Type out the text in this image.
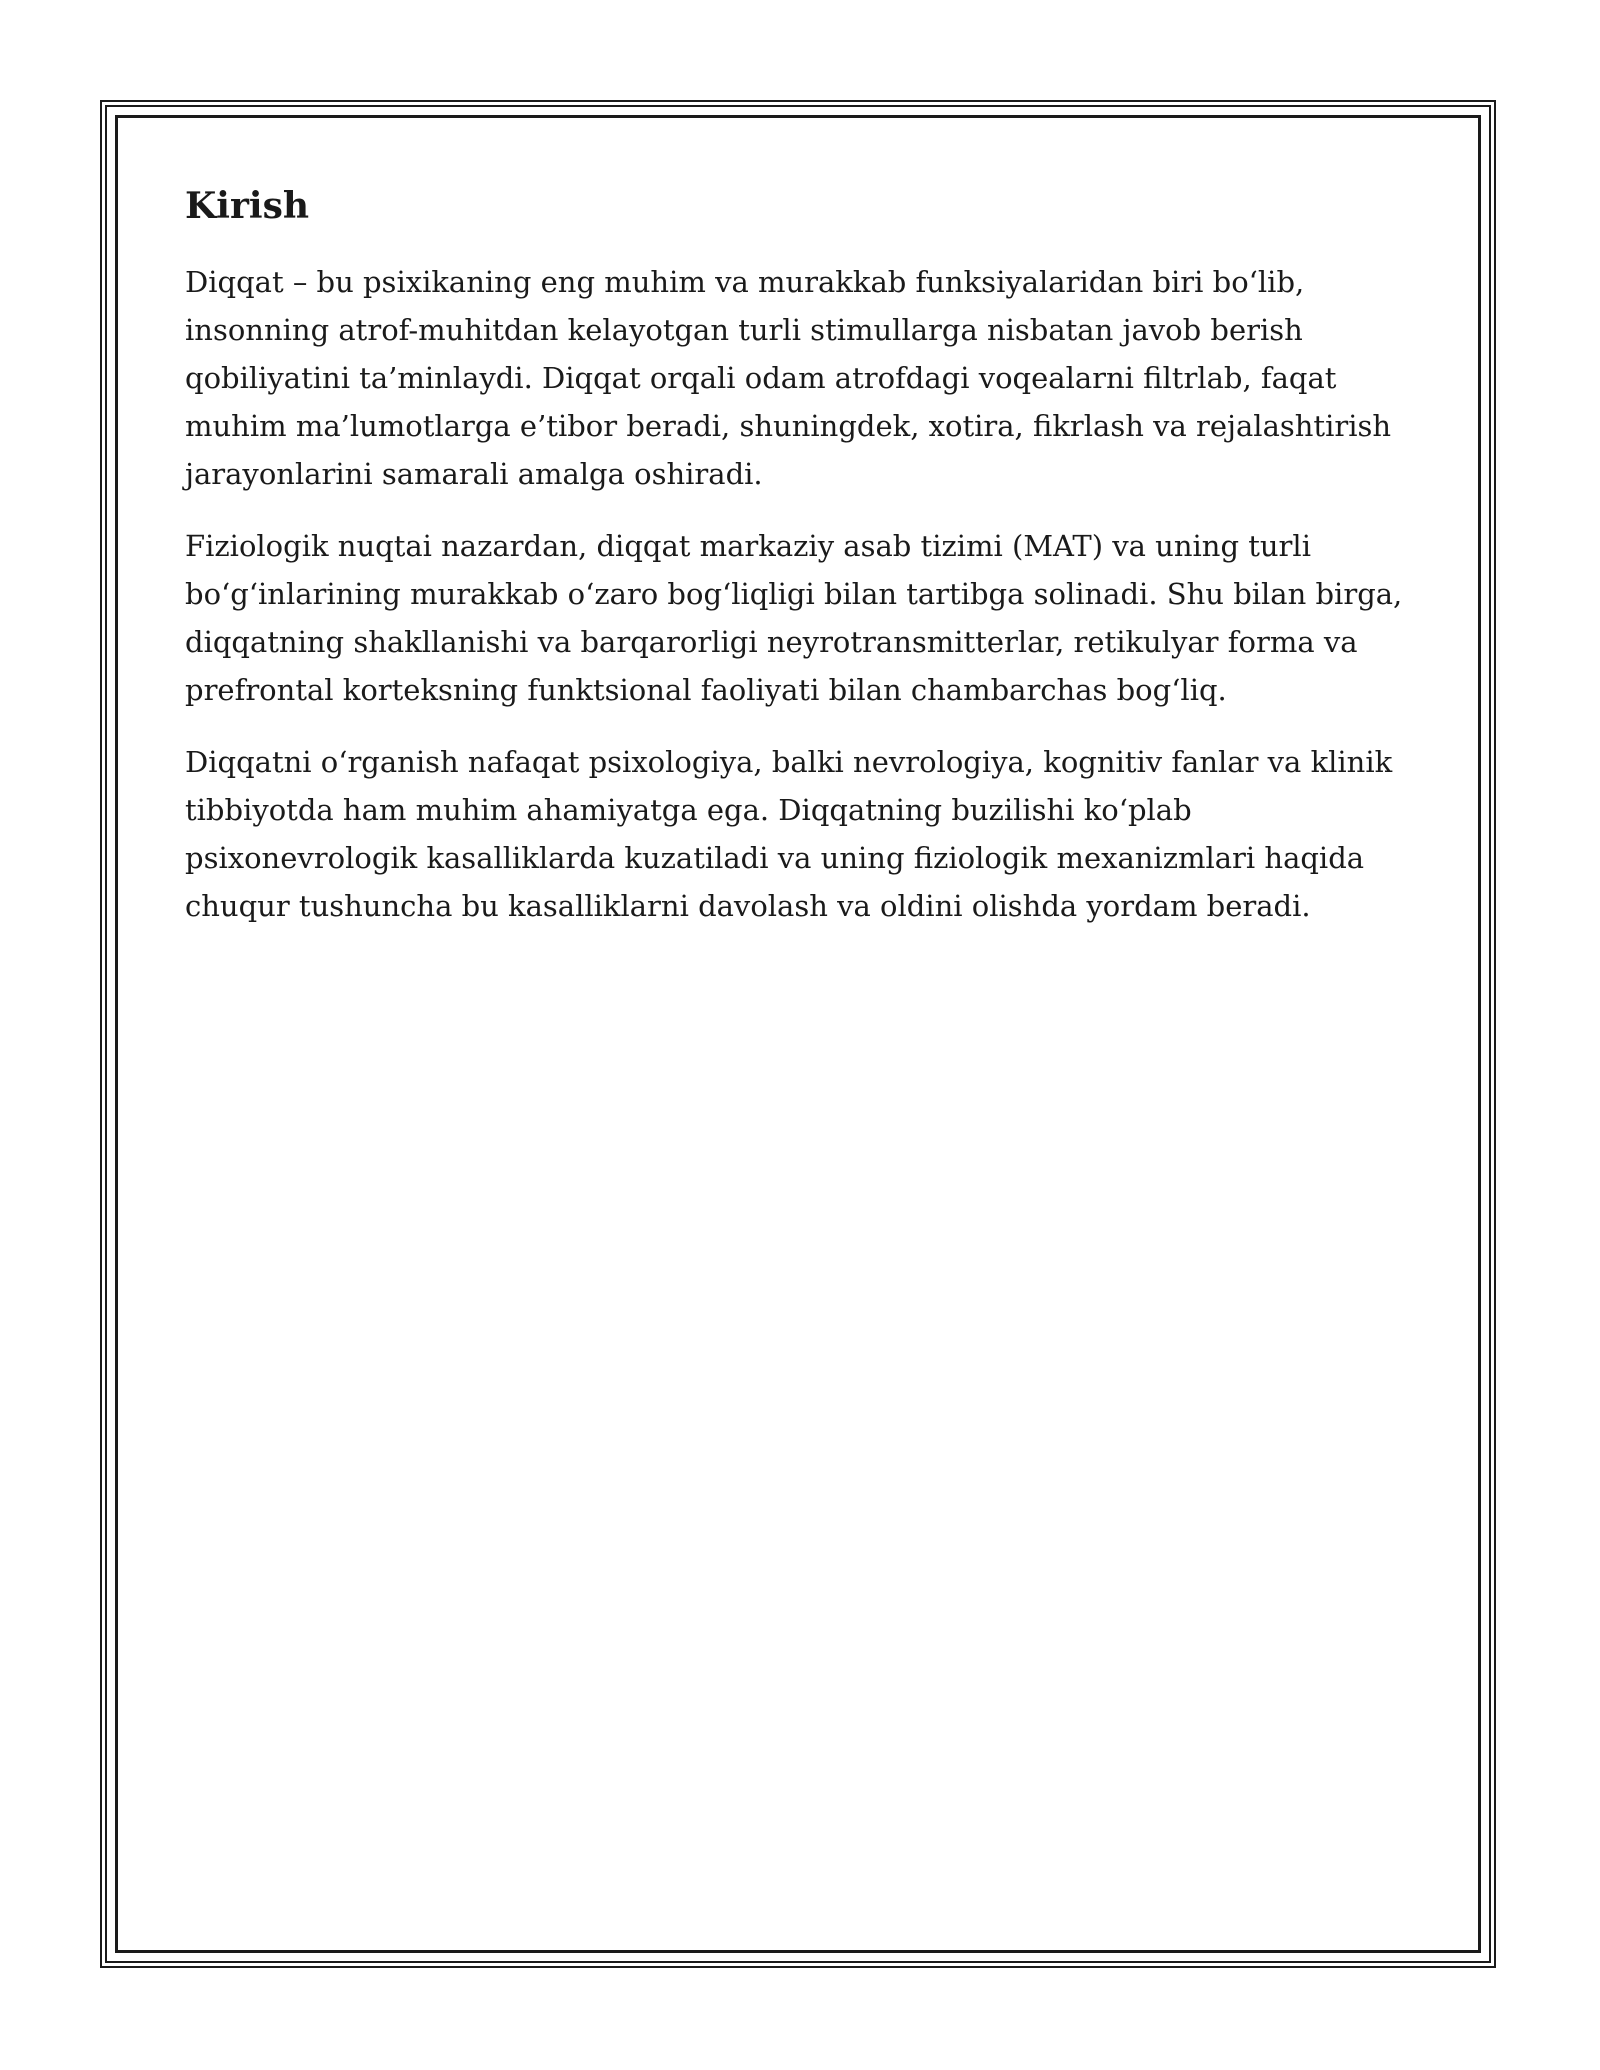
Kirish

Diqqat – bu psixikaning eng muhim va murakkab funksiyalaridan biri bo‘lib,
insonning atrof-muhitdan kelayotgan turli stimullarga nisbatan javob berish
qobiliyatini ta’minlaydi. Diqqat orqali odam atrofdagi voqealarni filtrlab, faqat
muhim ma’lumotlarga e’tibor beradi, shuningdek, xotira, fikrlash va rejalashtirish
jarayonlarini samarali amalga oshiradi.

Fiziologik nuqtai nazardan, diqqat markaziy asab tizimi (MAT) va uning turli
bo‘g‘inlarining murakkab o‘zaro bog‘liqligi bilan tartibga solinadi. Shu bilan birga,
diqqatning shakllanishi va barqarorligi neyrotransmitterlar, retikulyar forma va
prefrontal korteksning funktsional faoliyati bilan chambarchas bog‘liq.

Diqqatni o‘rganish nafaqat psixologiya, balki nevrologiya, kognitiv fanlar va klinik
tibbiyotda ham muhim ahamiyatga ega. Diqqatning buzilishi ko‘plab
psixonevrologik kasalliklarda kuzatiladi va uning fiziologik mexanizmlari haqida
chuqur tushuncha bu kasalliklarni davolash va oldini olishda yordam beradi.
